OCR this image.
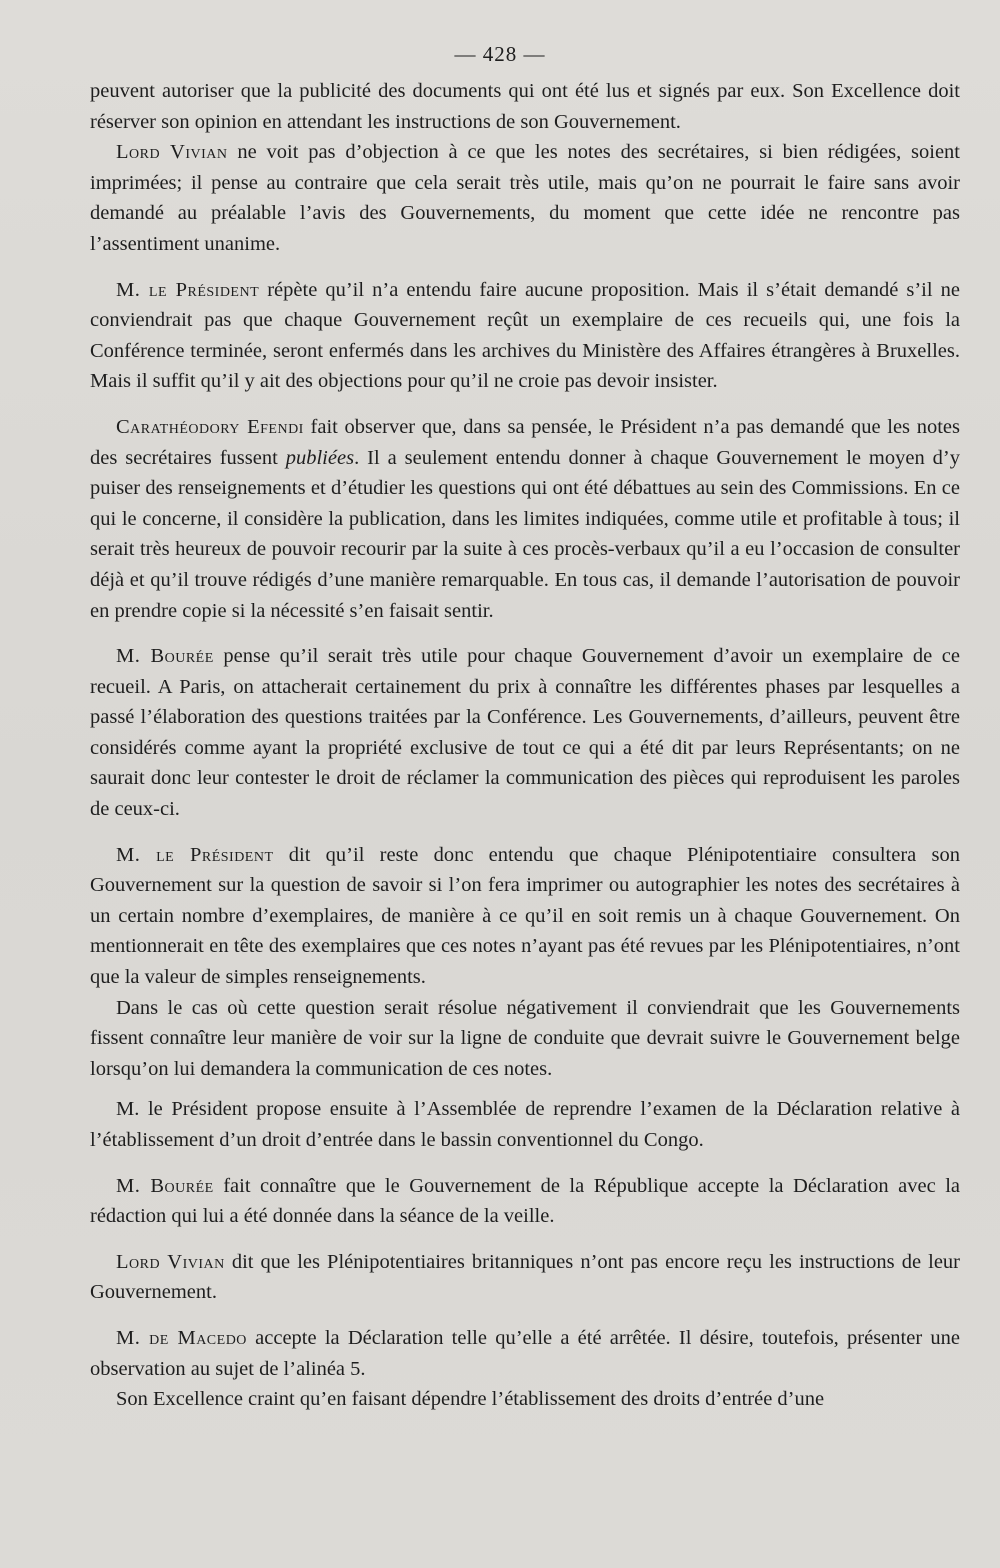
— 428 —

peuvent autoriser que la publicité des documents qui ont été lus et signés par eux. Son Excellence doit réserver son opinion en attendant les instructions de son Gouvernement.

Lord Vivian ne voit pas d’objection à ce que les notes des secrétaires, si bien rédigées, soient imprimées; il pense au contraire que cela serait très utile, mais qu’on ne pourrait le faire sans avoir demandé au préalable l’avis des Gouvernements, du moment que cette idée ne rencontre pas l’assentiment unanime.

M. le Président répète qu’il n’a entendu faire aucune proposition. Mais il s’était demandé s’il ne conviendrait pas que chaque Gouvernement reçût un exemplaire de ces recueils qui, une fois la Conférence terminée, seront enfermés dans les archives du Ministère des Affaires étrangères à Bruxelles. Mais il suffit qu’il y ait des objections pour qu’il ne croie pas devoir insister.

Carathéodory Efendi fait observer que, dans sa pensée, le Président n’a pas demandé que les notes des secrétaires fussent publiées. Il a seulement entendu donner à chaque Gouvernement le moyen d’y puiser des renseignements et d’étudier les questions qui ont été débattues au sein des Commissions. En ce qui le concerne, il considère la publication, dans les limites indiquées, comme utile et profitable à tous; il serait très heureux de pouvoir recourir par la suite à ces procès-verbaux qu’il a eu l’occasion de consulter déjà et qu’il trouve rédigés d’une manière remarquable. En tous cas, il demande l’autorisation de pouvoir en prendre copie si la nécessité s’en faisait sentir.

M. Bourée pense qu’il serait très utile pour chaque Gouvernement d’avoir un exemplaire de ce recueil. A Paris, on attacherait certainement du prix à connaître les différentes phases par lesquelles a passé l’élaboration des questions traitées par la Conférence. Les Gouvernements, d’ailleurs, peuvent être considérés comme ayant la propriété exclusive de tout ce qui a été dit par leurs Représentants; on ne saurait donc leur contester le droit de réclamer la communication des pièces qui reproduisent les paroles de ceux-ci.

M. le Président dit qu’il reste donc entendu que chaque Plénipotentiaire consultera son Gouvernement sur la question de savoir si l’on fera imprimer ou autographier les notes des secrétaires à un certain nombre d’exemplaires, de manière à ce qu’il en soit remis un à chaque Gouvernement. On mentionnerait en tête des exemplaires que ces notes n’ayant pas été revues par les Plénipotentiaires, n’ont que la valeur de simples renseignements.

Dans le cas où cette question serait résolue négativement il conviendrait que les Gouvernements fissent connaître leur manière de voir sur la ligne de conduite que devrait suivre le Gouvernement belge lorsqu’on lui demandera la communication de ces notes.

M. le Président propose ensuite à l’Assemblée de reprendre l’examen de la Déclaration relative à l’établissement d’un droit d’entrée dans le bassin conventionnel du Congo.

M. Bourée fait connaître que le Gouvernement de la République accepte la Déclaration avec la rédaction qui lui a été donnée dans la séance de la veille.

Lord Vivian dit que les Plénipotentiaires britanniques n’ont pas encore reçu les instructions de leur Gouvernement.

M. de Macedo accepte la Déclaration telle qu’elle a été arrêtée. Il désire, toutefois, présenter une observation au sujet de l’alinéa 5.

Son Excellence craint qu’en faisant dépendre l’établissement des droits d’entrée d’une
